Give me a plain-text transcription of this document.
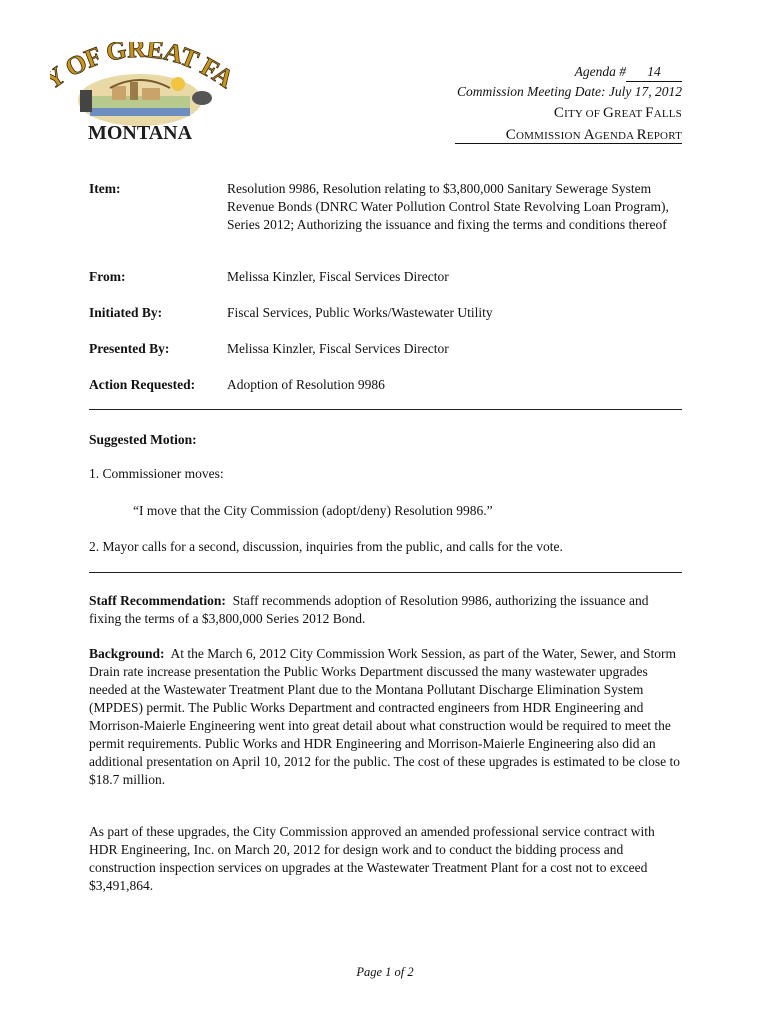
OF GREAT F
MONTANA
Agenda # 14
Commission Meeting Date: July 17, 2012
CITY OF GREAT FALLS
COMMISSION AGENDA REPORT
Item:	Resolution 9986, Resolution relating to $3,800,000 Sanitary Sewerage System Revenue Bonds (DNRC Water Pollution Control State Revolving Loan Program), Series 2012; Authorizing the issuance and fixing the terms and conditions thereof
From:	Melissa Kinzler, Fiscal Services Director
Initiated By:	Fiscal Services, Public Works/Wastewater Utility
Presented By:	Melissa Kinzler, Fiscal Services Director
Action Requested:	Adoption of Resolution 9986
Suggested Motion:
1. Commissioner moves:
“I move that the City Commission (adopt/deny) Resolution 9986.”
2. Mayor calls for a second, discussion, inquiries from the public, and calls for the vote.
Staff Recommendation: Staff recommends adoption of Resolution 9986, authorizing the issuance and fixing the terms of a $3,800,000 Series 2012 Bond.
Background: At the March 6, 2012 City Commission Work Session, as part of the Water, Sewer, and Storm Drain rate increase presentation the Public Works Department discussed the many wastewater upgrades needed at the Wastewater Treatment Plant due to the Montana Pollutant Discharge Elimination System (MPDES) permit. The Public Works Department and contracted engineers from HDR Engineering and Morrison-Maierle Engineering went into great detail about what construction would be required to meet the permit requirements. Public Works and HDR Engineering and Morrison-Maierle Engineering also did an additional presentation on April 10, 2012 for the public. The cost of these upgrades is estimated to be close to $18.7 million.
As part of these upgrades, the City Commission approved an amended professional service contract with HDR Engineering, Inc. on March 20, 2012 for design work and to conduct the bidding process and construction inspection services on upgrades at the Wastewater Treatment Plant for a cost not to exceed $3,491,864.
Page 1 of 2
